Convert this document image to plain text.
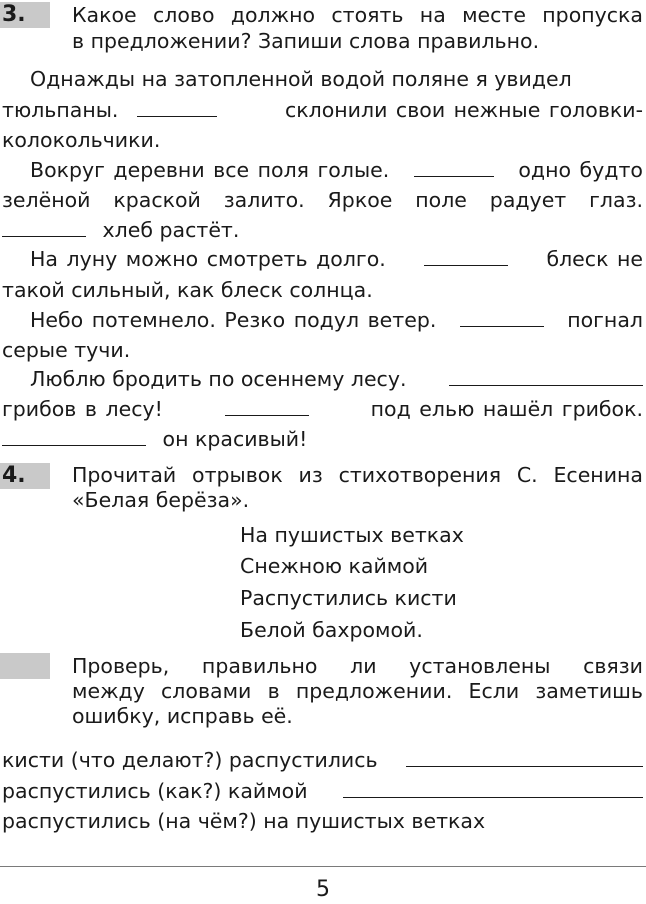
3.	Какое слово должно стоять на месте пропуска
в предложении? Запиши слова правильно.
Однажды на затопленной водой поляне я увидел
тюльпаны.	склонили свои нежные головки-
колокольчики.
Вокруг деревни все поля голые.	одно будто
зелёной краской залито. Яркое поле радует глаз.
хлеб растёт.
На луну можно смотреть долго.	блеск не
такой сильный, как блеск солнца.
Небо потемнело. Резко подул ветер.	погнал
серые тучи.
Люблю бродить по осеннему лесу.
грибов в лесу!	под елью нашёл грибок.
он красивый!
4.	Прочитай отрывок из стихотворения С. Есенина
«Белая берёза».
На пушистых ветках
Снежною каймой
Распустились кисти
Белой бахромой.
Проверь, правильно ли установлены связи
между словами в предложении. Если заметишь
ошибку, исправь её.
кисти (что делают?) распустились
распустились (как?) каймой
распустились (на чём?) на пушистых ветках
5
